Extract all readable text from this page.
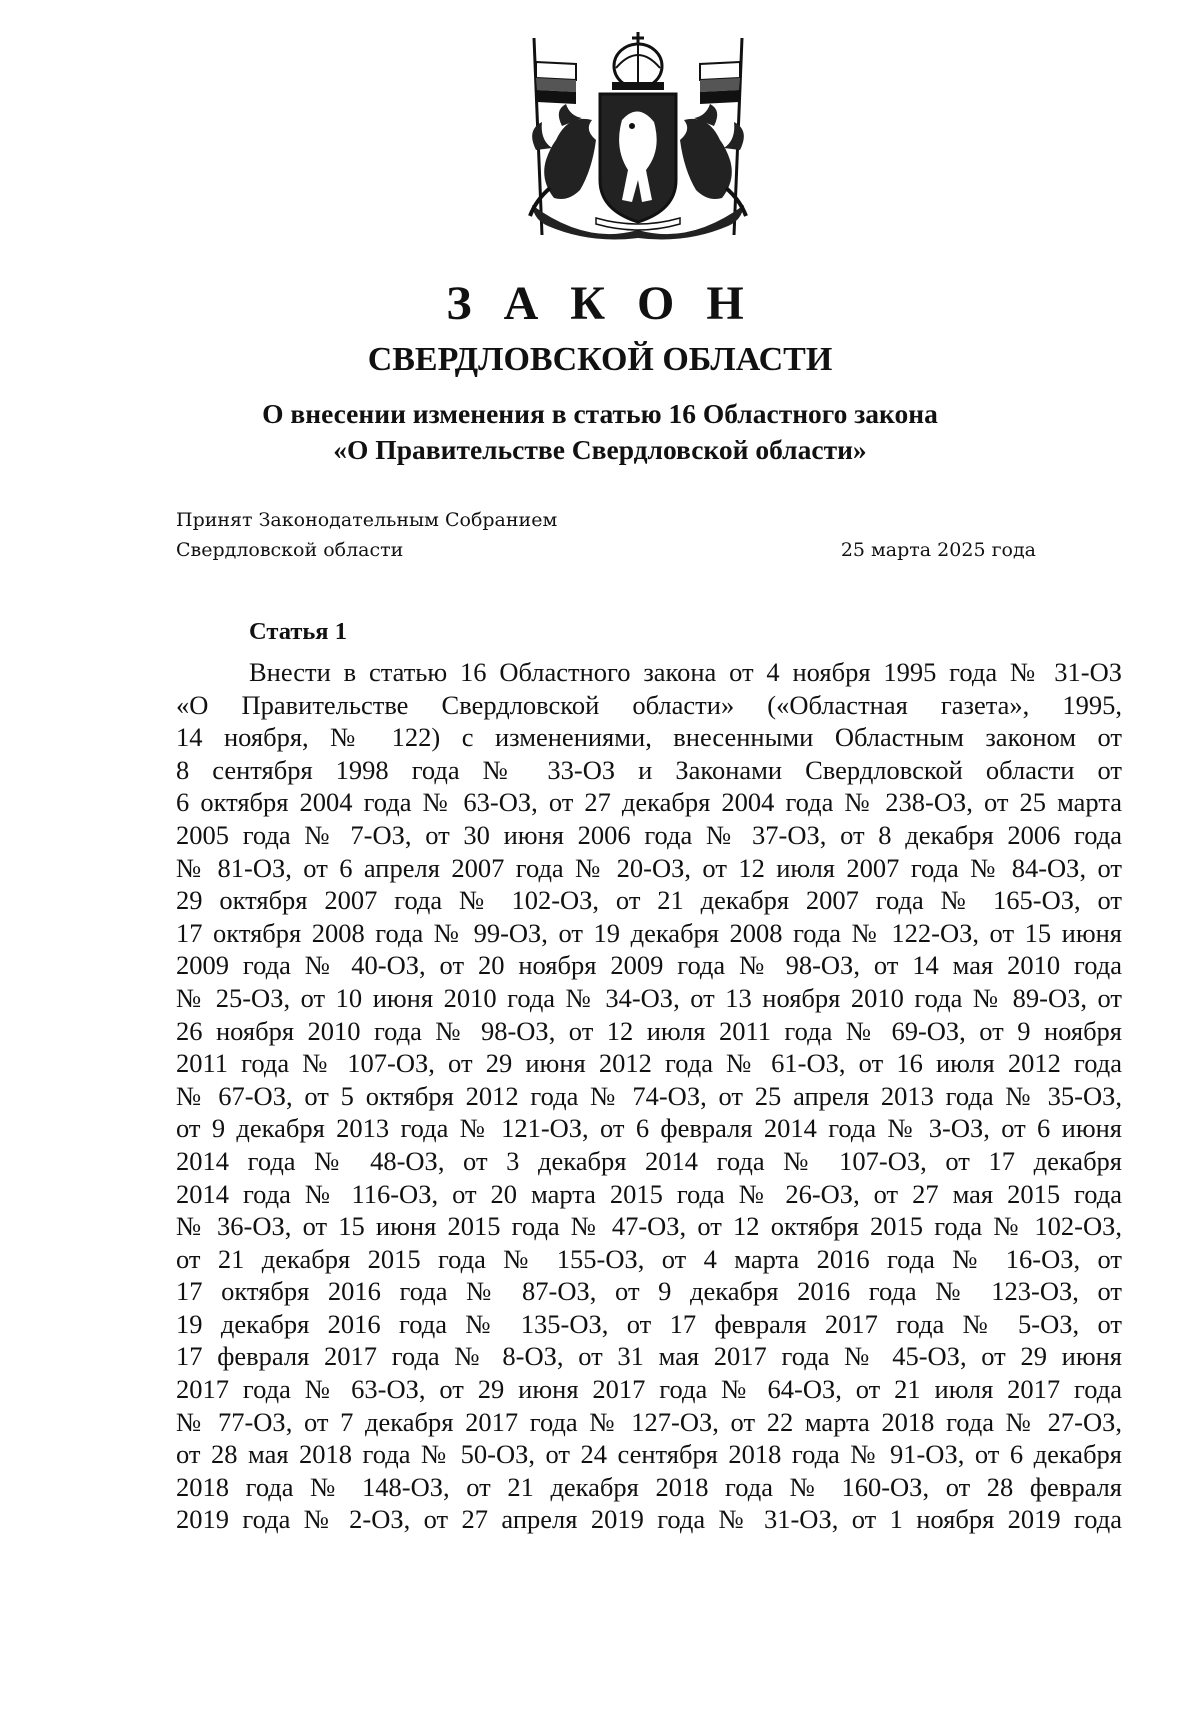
З А К О Н
СВЕРДЛОВСКОЙ ОБЛАСТИ
О внесении изменения в статью 16 Областного закона
«О Правительстве Свердловской области»
Принят Законодательным Собранием
Свердловской области	25 марта 2025 года
Статья 1
Внести в статью 16 Областного закона от 4 ноября 1995 года № 31-ОЗ
«О Правительстве Свердловской области» («Областная газета», 1995,
14 ноября, № 122) с изменениями, внесенными Областным законом от
8 сентября 1998 года № 33-ОЗ и Законами Свердловской области от
6 октября 2004 года № 63-ОЗ, от 27 декабря 2004 года № 238-ОЗ, от 25 марта
2005 года № 7-ОЗ, от 30 июня 2006 года № 37-ОЗ, от 8 декабря 2006 года
№ 81-ОЗ, от 6 апреля 2007 года № 20-ОЗ, от 12 июля 2007 года № 84-ОЗ, от
29 октября 2007 года № 102-ОЗ, от 21 декабря 2007 года № 165-ОЗ, от
17 октября 2008 года № 99-ОЗ, от 19 декабря 2008 года № 122-ОЗ, от 15 июня
2009 года № 40-ОЗ, от 20 ноября 2009 года № 98-ОЗ, от 14 мая 2010 года
№ 25-ОЗ, от 10 июня 2010 года № 34-ОЗ, от 13 ноября 2010 года № 89-ОЗ, от
26 ноября 2010 года № 98-ОЗ, от 12 июля 2011 года № 69-ОЗ, от 9 ноября
2011 года № 107-ОЗ, от 29 июня 2012 года № 61-ОЗ, от 16 июля 2012 года
№ 67-ОЗ, от 5 октября 2012 года № 74-ОЗ, от 25 апреля 2013 года № 35-ОЗ,
от 9 декабря 2013 года № 121-ОЗ, от 6 февраля 2014 года № 3-ОЗ, от 6 июня
2014 года № 48-ОЗ, от 3 декабря 2014 года № 107-ОЗ, от 17 декабря
2014 года № 116-ОЗ, от 20 марта 2015 года № 26-ОЗ, от 27 мая 2015 года
№ 36-ОЗ, от 15 июня 2015 года № 47-ОЗ, от 12 октября 2015 года № 102-ОЗ,
от 21 декабря 2015 года № 155-ОЗ, от 4 марта 2016 года № 16-ОЗ, от
17 октября 2016 года № 87-ОЗ, от 9 декабря 2016 года № 123-ОЗ, от
19 декабря 2016 года № 135-ОЗ, от 17 февраля 2017 года № 5-ОЗ, от
17 февраля 2017 года № 8-ОЗ, от 31 мая 2017 года № 45-ОЗ, от 29 июня
2017 года № 63-ОЗ, от 29 июня 2017 года № 64-ОЗ, от 21 июля 2017 года
№ 77-ОЗ, от 7 декабря 2017 года № 127-ОЗ, от 22 марта 2018 года № 27-ОЗ,
от 28 мая 2018 года № 50-ОЗ, от 24 сентября 2018 года № 91-ОЗ, от 6 декабря
2018 года № 148-ОЗ, от 21 декабря 2018 года № 160-ОЗ, от 28 февраля
2019 года № 2-ОЗ, от 27 апреля 2019 года № 31-ОЗ, от 1 ноября 2019 года
